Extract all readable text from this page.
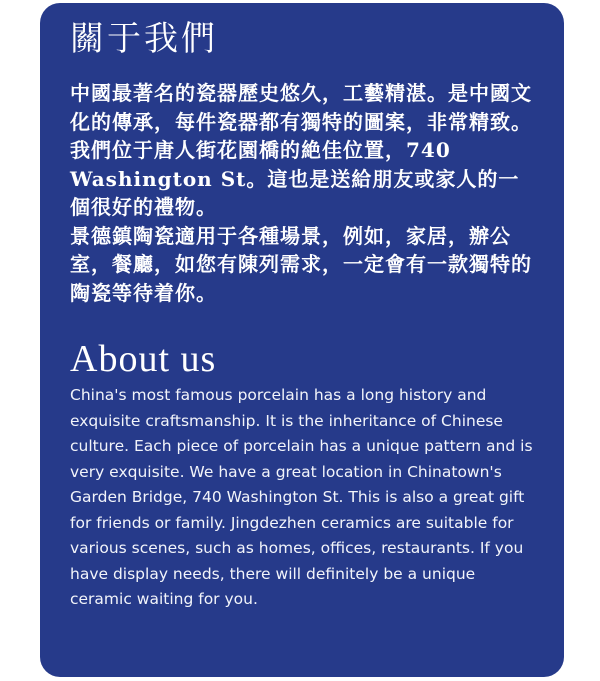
關于我們

中國最著名的瓷器歷史悠久，工藝精湛。是中國文化的傳承，每件瓷器都有獨特的圖案，非常精致。我們位于唐人街花園橋的絶佳位置，740 Washington St。這也是送給朋友或家人的一個很好的禮物。

景德鎮陶瓷適用于各種場景，例如，家居，辦公室，餐廳，如您有陳列需求，一定會有一款獨特的陶瓷等待着你。

About us

China's most famous porcelain has a long history and exquisite craftsmanship. It is the inheritance of Chinese culture. Each piece of porcelain has a unique pattern and is very exquisite. We have a great location in Chinatown's Garden Bridge, 740 Washington St. This is also a great gift for friends or family. Jingdezhen ceramics are suitable for various scenes, such as homes, offices, restaurants. If you have display needs, there will definitely be a unique ceramic waiting for you.
